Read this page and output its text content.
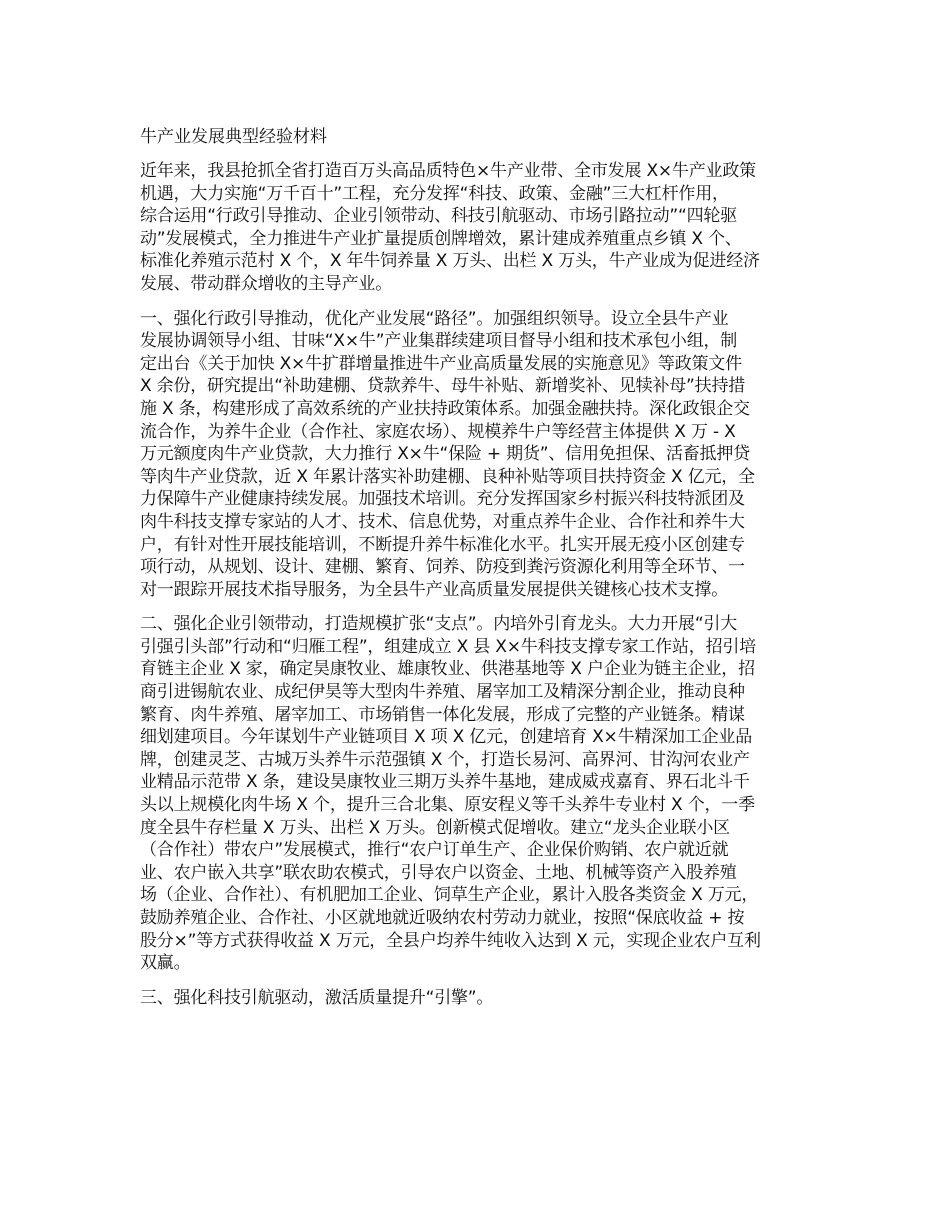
牛产业发展典型经验材料
近年来，我县抢抓全省打造百万头高品质特色×牛产业带、全市发展 X×牛产业政策
机遇，大力实施“万千百十”工程，充分发挥“科技、政策、金融”三大杠杆作用，
综合运用“行政引导推动、企业引领带动、科技引航驱动、市场引路拉动”“四轮驱
动”发展模式，全力推进牛产业扩量提质创牌增效，累计建成养殖重点乡镇 X 个、
标准化养殖示范村 X 个，X 年牛饲养量 X 万头、出栏 X 万头，牛产业成为促进经济
发展、带动群众增收的主导产业。
一、强化行政引导推动，优化产业发展“路径”。加强组织领导。设立全县牛产业
发展协调领导小组、甘味“X×牛”产业集群续建项目督导小组和技术承包小组，制
定出台《关于加快 X×牛扩群增量推进牛产业高质量发展的实施意见》等政策文件
X 余份，研究提出“补助建棚、贷款养牛、母牛补贴、新增奖补、见犊补母”扶持措
施 X 条，构建形成了高效系统的产业扶持政策体系。加强金融扶持。深化政银企交
流合作，为养牛企业（合作社、家庭农场）、规模养牛户等经营主体提供 X 万 - X
万元额度肉牛产业贷款，大力推行 X×牛“保险 + 期货”、信用免担保、活畜抵押贷
等肉牛产业贷款，近 X 年累计落实补助建棚、良种补贴等项目扶持资金 X 亿元，全
力保障牛产业健康持续发展。加强技术培训。充分发挥国家乡村振兴科技特派团及
肉牛科技支撑专家站的人才、技术、信息优势，对重点养牛企业、合作社和养牛大
户，有针对性开展技能培训，不断提升养牛标准化水平。扎实开展无疫小区创建专
项行动，从规划、设计、建棚、繁育、饲养、防疫到粪污资源化利用等全环节、一
对一跟踪开展技术指导服务，为全县牛产业高质量发展提供关键核心技术支撑。
二、强化企业引领带动，打造规模扩张“支点”。内培外引育龙头。大力开展“引大
引强引头部”行动和“归雁工程”，组建成立 X 县 X×牛科技支撑专家工作站，招引培
育链主企业 X 家，确定昊康牧业、雄康牧业、供港基地等 X 户企业为链主企业，招
商引进锡航农业、成纪伊昊等大型肉牛养殖、屠宰加工及精深分割企业，推动良种
繁育、肉牛养殖、屠宰加工、市场销售一体化发展，形成了完整的产业链条。精谋
细划建项目。今年谋划牛产业链项目 X 项 X 亿元，创建培育 X×牛精深加工企业品
牌，创建灵芝、古城万头养牛示范强镇 X 个，打造长易河、高界河、甘沟河农业产
业精品示范带 X 条，建设昊康牧业三期万头养牛基地，建成威戎嘉育、界石北斗千
头以上规模化肉牛场 X 个，提升三合北集、原安程义等千头养牛专业村 X 个，一季
度全县牛存栏量 X 万头、出栏 X 万头。创新模式促增收。建立“龙头企业联小区
（合作社）带农户”发展模式，推行“农户订单生产、企业保价购销、农户就近就
业、农户嵌入共享”联农助农模式，引导农户以资金、土地、机械等资产入股养殖
场（企业、合作社）、有机肥加工企业、饲草生产企业，累计入股各类资金 X 万元，
鼓励养殖企业、合作社、小区就地就近吸纳农村劳动力就业，按照“保底收益 + 按
股分×”等方式获得收益 X 万元，全县户均养牛纯收入达到 X 元，实现企业农户互利
双赢。
三、强化科技引航驱动，激活质量提升“引擎”。
